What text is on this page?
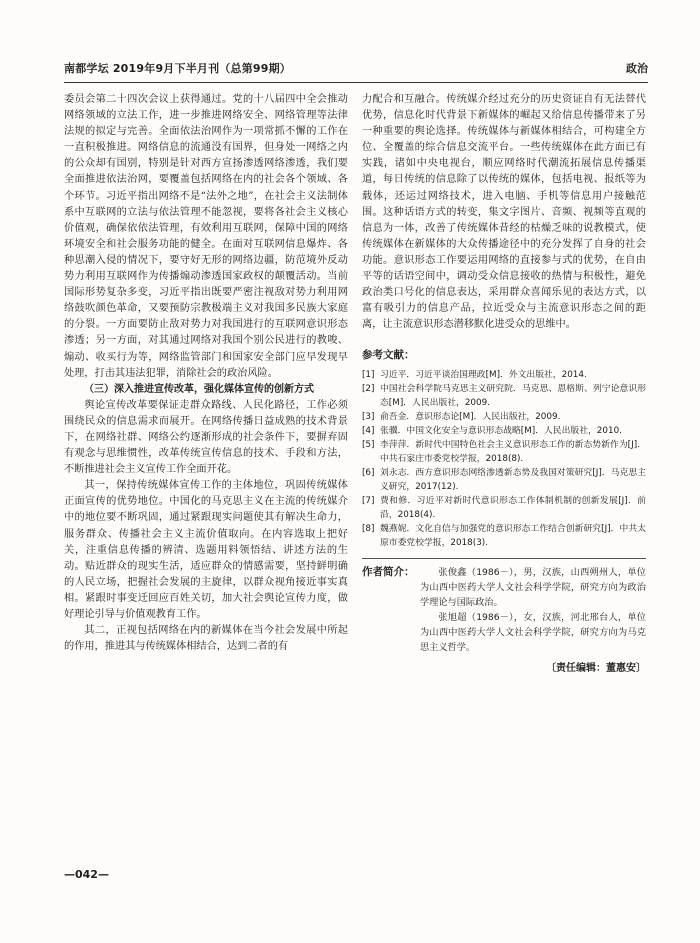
南都学坛 2019年9月下半月刊（总第99期）	政治

委员会第二十四次会议上获得通过。党的十八届四中全会推动网络领域的立法工作，进一步推进网络安全、网络管理等法律法规的拟定与完善。全面依法治网作为一项常抓不懈的工作在一直积极推进。网络信息的流通没有国界，但身处一网络之内的公众却有国别，特别是针对西方宣扬渗透网络渗透，我们要全面推进依法治网，要覆盖包括网络在内的社会各个领域、各个环节。习近平指出网络不是“法外之地”，在社会主义法制体系中互联网的立法与依法管理不能忽视，要将各社会主义核心价值观，确保依依法管理，有效利用互联网，保障中国的网络环境安全和社会服务功能的健全。在面对互联网信息爆炸、各种思潮入侵的情况下，要守好无形的网络边疆，防范境外反动势力利用互联网作为传播煽动渗透国家政权的颠覆活动。当前国际形势复杂多变，习近平指出既要严密注视敌对势力利用网络鼓吹颜色革命，又要预防宗教极端主义对我国多民族大家庭的分裂。一方面要防止敌对势力对我国进行的互联网意识形态渗透；另一方面，对其通过网络对我国个别公民进行的教唆、煽动、收买行为等，网络监管部门和国家安全部门应早发现早处理，打击其违法犯罪，消除社会的政治风险。

（三）深入推进宣传改革，强化媒体宣传的创新方式

舆论宣传改革要保证走群众路线、人民化路径，工作必须围绕民众的信息需求而展开。在网络传播日益成熟的技术背景下，在网络社群、网络公约逐渐形成的社会条件下，要摒弃固有观念与思维惯性，改革传统宣传信息的技术、手段和方法，不断推进社会主义宣传工作全面开花。

其一，保持传统媒体宣传工作的主体地位，巩固传统媒体正面宣传的优势地位。中国化的马克思主义在主流的传统媒介中的地位要不断巩固，通过紧跟现实问题使其有解决生命力，服务群众、传播社会主义主流价值取向。在内容选取上把好关，注重信息传播的辨清、选题用料领悟结、讲述方法的生动。贴近群众的现实生活，适应群众的情感需要，坚持鲜明确的人民立场，把握社会发展的主旋律，以群众视角接近事实真相。紧跟时事变迁回应百姓关切，加大社会舆论宣传力度，做好理论引导与价值观教育工作。

其二，正视包括网络在内的新媒体在当今社会发展中所起的作用，推进其与传统媒体相结合，达到二者的有

力配合和互融合。传统媒介经过充分的历史资证自有无法替代优势，信息化时代背景下新媒体的崛起又给信息传播带来了另一种重要的舆论选择。传统媒体与新媒体相结合，可构建全方位、全覆盖的综合信息交流平台。一些传统媒体在此方面已有实践，诸如中央电视台，顺应网络时代潮流拓展信息传播渠道，每日传统的信息除了以传统的媒体，包括电视、报纸等为载体，还运过网络技术，进入电脑、手机等信息用户接触范围。这种话语方式的转变，集文字图片、音频、视频等直观的信息为一体，改善了传统媒体昔经的枯燥乏味的说教模式，使传统媒体在新媒体的大众传播途径中的充分发挥了自身的社会功能。意识形态工作要运用网络的直接参与式的优势，在自由平等的话语空间中，调动受众信息接收的热情与积极性，避免政治类口号化的信息表达，采用群众喜闻乐见的表达方式，以富有吸引力的信息产品，拉近受众与主流意识形态之间的距离，让主流意识形态潜移默化进受众的思维中。

参考文献：
[1] 习近平．习近平谈治国理政[M]．外文出版社，2014.
[2] 中国社会科学院马克思主义研究院．马克思、恩格斯、列宁论意识形态[M]．人民出版社，2009.
[3] 俞吾金．意识形态论[M]．人民出版社，2009.
[4] 张骥．中国文化安全与意识形态战略[M]．人民出版社，2010.
[5] 李萍萍．新时代中国特色社会主义意识形态工作的新态势新作为[J]．中共石家庄市委党校学报，2018(8).
[6] 刘永志．西方意识形态网络渗透新态势及我国对策研究[J]．马克思主义研究，2017(12).
[7] 费和修．习近平对新时代意识形态工作体制机制的创新发展[J]．前沿，2018(4).
[8] 魏燕妮．文化自信与加强党的意识形态工作结合创新研究[J]．中共太原市委党校学报，2018(3).
作者简介：	张俊鑫（1986－），男，汉族，山西朔州人，单位为山西中医药大学人文社会科学学院，研究方向为政治学理论与国际政治。

张旭超（1986－），女，汉族，河北邢台人，单位为山西中医药大学人文社会科学学院，研究方向为马克思主义哲学。

〔责任编辑：董惠安〕
—042—
